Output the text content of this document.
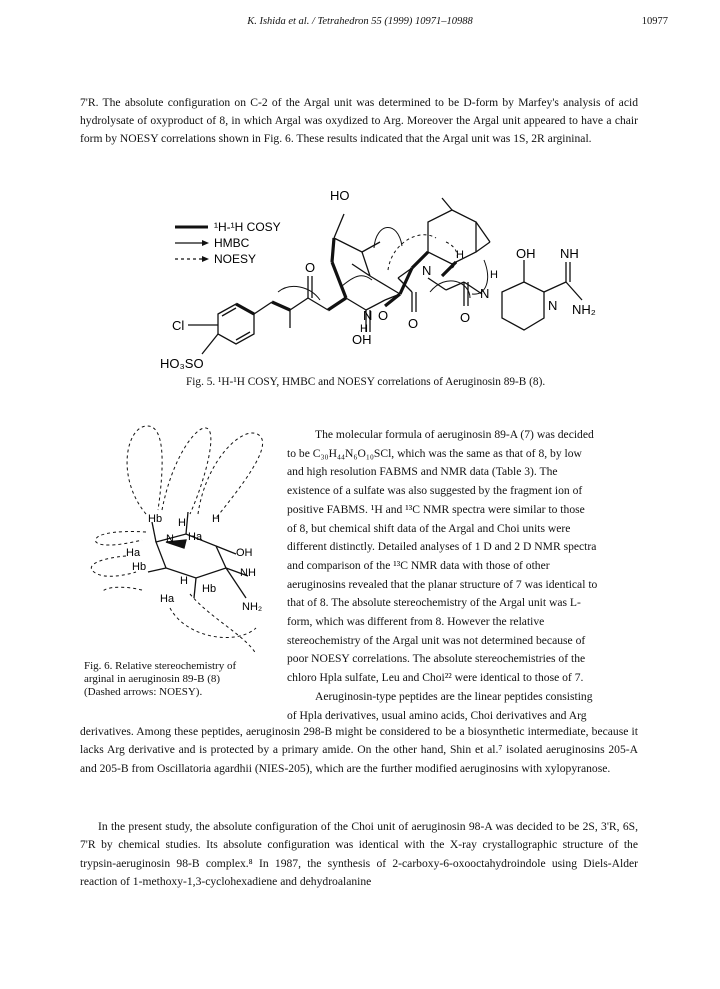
K. Ishida et al. / Tetrahedron 55 (1999) 10971–10988	10977

7'R. The absolute configuration on C-2 of the Argal unit was determined to be D-form by Marfey's analysis of acid hydrolysate of oxyproduct of 8, in which Argal was oxydized to Arg. Moreover the Argal unit appeared to have a chair form by NOESY correlations shown in Fig. 6. These results indicated that the Argal unit was 1S, 2R argininal.

¹H-¹H COSY
HMBC
NOESY
HO
Cl
HO₃SO
OH
OH NH
NH₂
O
N
H
O
O
N
H
N
O
H
N
Fig. 5. ¹H-¹H COSY, HMBC and NOESY correlations of Aeruginosin 89-B (8).
Hb H H
Ha
N
OH
Ha
Hb
H
Hb
NH
Ha
NH₂
Fig. 6. Relative stereochemistry of
arginal in aeruginosin 89-B (8)
(Dashed arrows: NOESY).
The molecular formula of aeruginosin 89-A (7) was decided
to be C₃₀H₄₄N₆O₁₀SCl, which was the same as that of 8, by low
and high resolution FABMS and NMR data (Table 3). The
existence of a sulfate was also suggested by the fragment ion of
positive FABMS. ¹H and ¹³C NMR spectra were similar to those
of 8, but chemical shift data of the Argal and Choi units were
different distinctly. Detailed analyses of 1 D and 2 D NMR spectra
and comparison of the ¹³C NMR data with those of other
aeruginosins revealed that the planar structure of 7 was identical to
that of 8. The absolute stereochemistry of the Argal unit was L-
form, which was different from 8. However the relative
stereochemistry of the Argal unit was not determined because of
poor NOESY correlations. The absolute stereochemistries of the
chloro Hpla sulfate, Leu and Choi²² were identical to those of 7.
Aeruginosin-type peptides are the linear peptides consisting
of Hpla derivatives, usual amino acids, Choi derivatives and Arg

derivatives. Among these peptides, aeruginosin 298-B might be considered to be a biosynthetic intermediate, because it lacks Arg derivative and is protected by a primary amide. On the other hand, Shin et al.⁷ isolated aeruginosins 205-A and 205-B from Oscillatoria agardhii (NIES-205), which are the further modified aeruginosins with xylopyranose.

In the present study, the absolute configuration of the Choi unit of aeruginosin 98-A was decided to be 2S, 3'R, 6S, 7'R by chemical studies. Its absolute configuration was identical with the X-ray crystallographic structure of the trypsin-aeruginosin 98-B complex.⁸ In 1987, the synthesis of 2-carboxy-6-oxooctahydroindole using Diels-Alder reaction of 1-methoxy-1,3-cyclohexadiene and dehydroalanine
